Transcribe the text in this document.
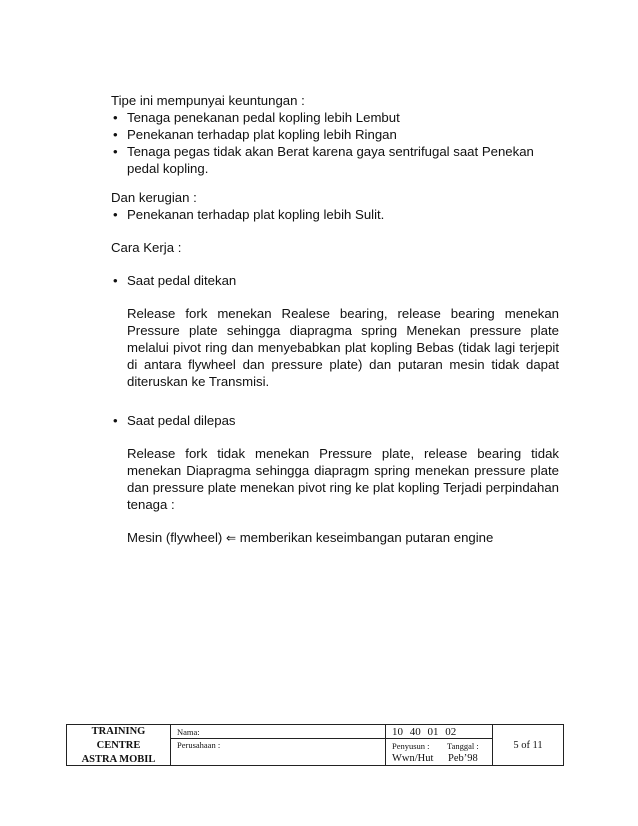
Tipe ini mempunyai keuntungan :

• Tenaga penekanan pedal kopling lebih Lembut
• Penekanan terhadap plat kopling lebih Ringan
• Tenaga pegas tidak akan Berat karena gaya sentrifugal saat Penekan pedal kopling.

Dan kerugian :

• Penekanan terhadap plat kopling lebih Sulit.

Cara Kerja :

• Saat pedal ditekan

Release fork menekan Realese bearing, release bearing menekan Pressure plate sehingga diapragma spring Menekan pressure plate melalui pivot ring dan menyebabkan plat kopling Bebas (tidak lagi terjepit di antara flywheel dan pressure plate) dan putaran mesin tidak dapat diteruskan ke Transmisi.

• Saat pedal dilepas

Release fork tidak menekan Pressure plate, release bearing tidak menekan Diapragma sehingga diapragm spring menekan pressure plate dan pressure plate menekan pivot ring ke plat kopling Terjadi perpindahan tenaga :

Mesin (flywheel) ⇐ memberikan keseimbangan putaran engine

TRAINING
CENTRE
ASTRA MOBIL
Nama:
Perusahaan :
10 40 01 02
Penyusun : Tanggal :
Wwn/Hut Peb’98
5 of 11
